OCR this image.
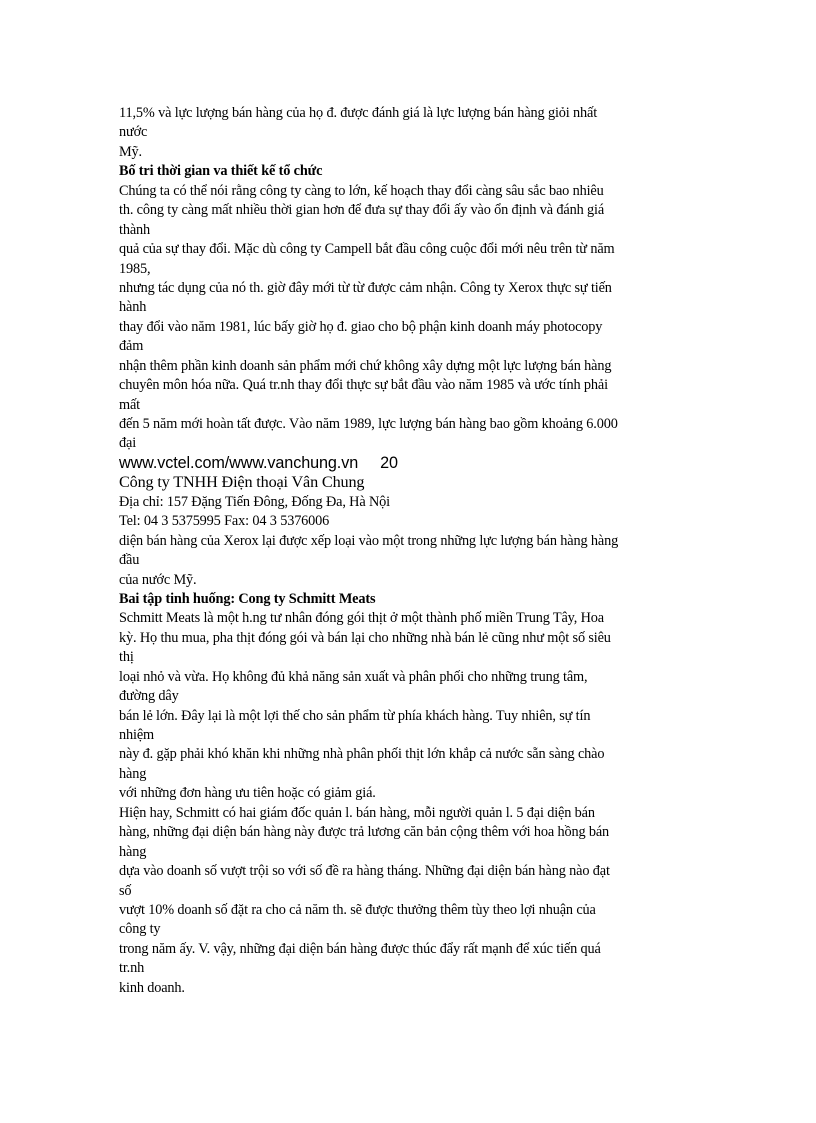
11,5% và lực lượng bán hàng của họ đ. được đánh giá là lực lượng bán hàng giỏi nhất
nước
Mỹ.
Bố tri thời gian va thiết kế tổ chức
Chúng ta có thể nói rằng công ty càng to lớn, kế hoạch thay đổi càng sâu sắc bao nhiêu
th. công ty càng mất nhiều thời gian hơn để đưa sự thay đổi ấy vào ổn định và đánh giá
thành
quả của sự thay đổi. Mặc dù công ty Campell bắt đầu công cuộc đổi mới nêu trên từ năm
1985,
nhưng tác dụng của nó th. giờ đây mới từ từ được cảm nhận. Công ty Xerox thực sự tiến
hành
thay đổi vào năm 1981, lúc bấy giờ họ đ. giao cho bộ phận kinh doanh máy photocopy
đảm
nhận thêm phần kinh doanh sản phẩm mới chứ không xây dựng một lực lượng bán hàng
chuyên môn hóa nữa. Quá tr.nh thay đổi thực sự bắt đầu vào năm 1985 và ước tính phải
mất
đến 5 năm mới hoàn tất được. Vào năm 1989, lực lượng bán hàng bao gồm khoảng 6.000
đại
www.vctel.com/www.vanchung.vn     20
Công ty TNHH Điện thoại Vân Chung
Địa chỉ: 157 Đặng Tiến Đông, Đống Đa, Hà Nội
Tel: 04 3 5375995 Fax: 04 3 5376006
diện bán hàng của Xerox lại được xếp loại vào một trong những lực lượng bán hàng hàng
đầu
của nước Mỹ.
Bai tập tinh huống: Cong ty Schmitt Meats
Schmitt Meats là một h.ng tư nhân đóng gói thịt ở một thành phố miền Trung Tây, Hoa
kỳ. Họ thu mua, pha thịt đóng gói và bán lại cho những nhà bán lẻ cũng như một số siêu
thị
loại nhỏ và vừa. Họ không đủ khả năng sản xuất và phân phối cho những trung tâm,
đường dây
bán lẻ lớn. Đây lại là một lợi thế cho sản phẩm từ phía khách hàng. Tuy nhiên, sự tín
nhiệm
này đ. gặp phải khó khăn khi những nhà phân phối thịt lớn khắp cả nước sẵn sàng chào
hàng
với những đơn hàng ưu tiên hoặc có giảm giá.
Hiện hay, Schmitt có hai giám đốc quản l. bán hàng, mỗi người quản l. 5 đại diện bán
hàng, những đại diện bán hàng này được trả lương căn bản cộng thêm với hoa hồng bán
hàng
dựa vào doanh số vượt trội so với số đề ra hàng tháng. Những đại diện bán hàng nào đạt
số
vượt 10% doanh số đặt ra cho cả năm th. sẽ được thưởng thêm tùy theo lợi nhuận của
công ty
trong năm ấy. V. vậy, những đại diện bán hàng được thúc đẩy rất mạnh để xúc tiến quá
tr.nh
kinh doanh.
